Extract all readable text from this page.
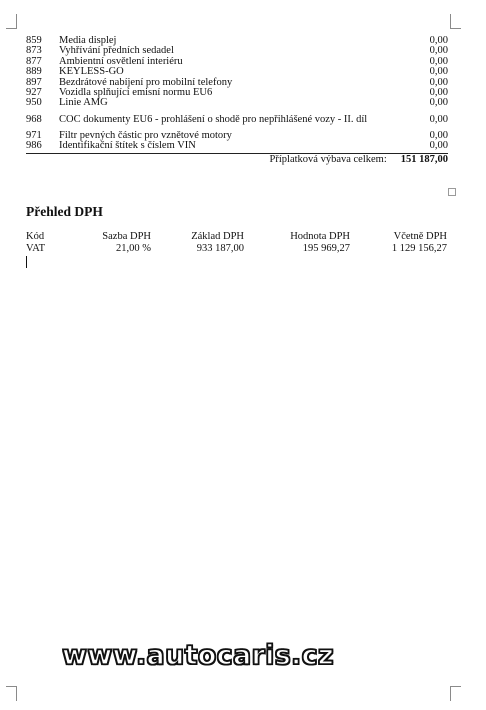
859	Media displej	0,00
873	Vyhřívání předních sedadel	0,00
877	Ambientní osvětlení interiéru	0,00
889	KEYLESS-GO	0,00
897	Bezdrátové nabíjení pro mobilní telefony	0,00
927	Vozidla splňující emisní normu EU6	0,00
950	Linie AMG	0,00
968	COC dokumenty EU6 - prohlášení o shodě pro nepřihlášené vozy - II. díl	0,00
971	Filtr pevných částic pro vznětové motory	0,00
986	Identifikační štítek s číslem VIN	0,00
Příplatková výbava celkem: 151 187,00
Přehled DPH
Kód	Sazba DPH	Základ DPH	Hodnota DPH	Včetně DPH
VAT	21,00 %	933 187,00	195 969,27	1 129 156,27
www.autocaris.cz
